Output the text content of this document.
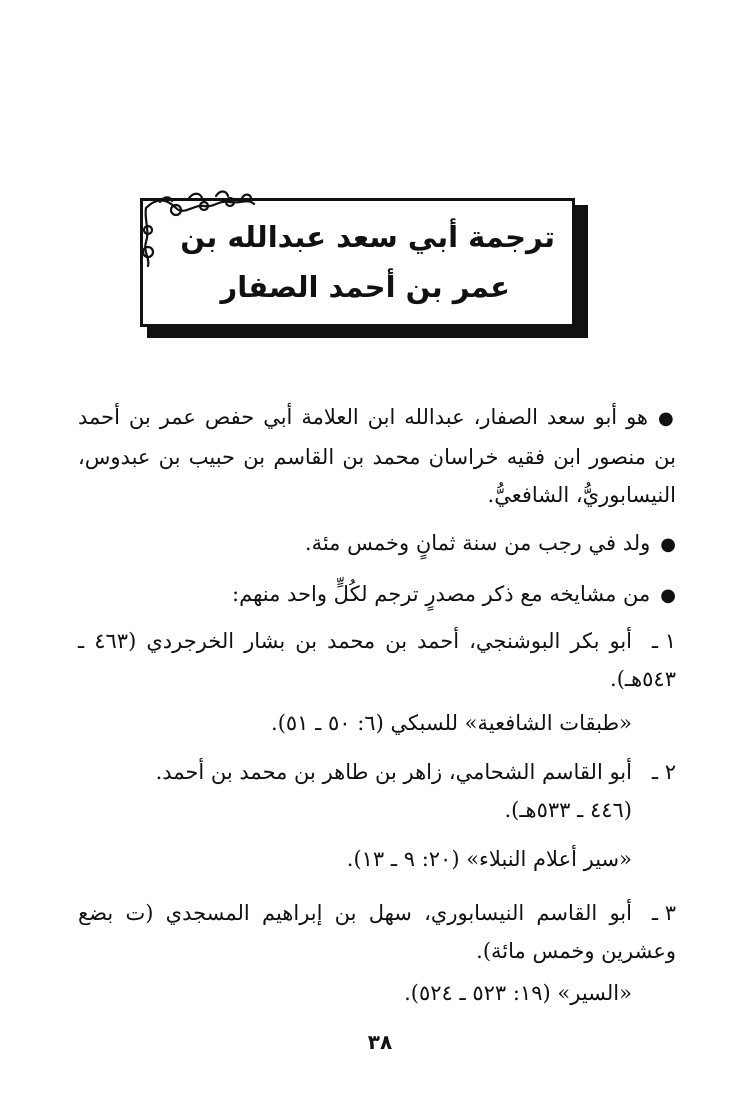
ترجمة أبي سعد عبدالله بن
عمر بن أحمد الصفار
●هو أبو سعد الصفار، عبدالله ابن العلامة أبي حفص عمر بن أحمد بن منصور ابن فقيه خراسان محمد بن القاسم بن حبيب بن عبدوس، النيسابوريُّ، الشافعيُّ.
●ولد في رجب من سنة ثمانٍ وخمس مئة.
●من مشايخه مع ذكر مصدرٍ ترجم لكُلٍّ واحد منهم:
١ ـأبو بكر البوشنجي، أحمد بن محمد بن بشار الخرجردي (٤٦٣ ـ ٥٤٣هـ).
«طبقات الشافعية» للسبكي (٦: ٥٠ ـ ٥١).
٢ ـأبو القاسم الشحامي، زاهر بن طاهر بن محمد بن أحمد.
(٤٤٦ ـ ٥٣٣هـ).
«سير أعلام النبلاء» (٢٠: ٩ ـ ١٣).
٣ ـأبو القاسم النيسابوري، سهل بن إبراهيم المسجدي (ت بضع وعشرين وخمس مائة).
«السير» (١٩: ٥٢٣ ـ ٥٢٤).
٣٨
